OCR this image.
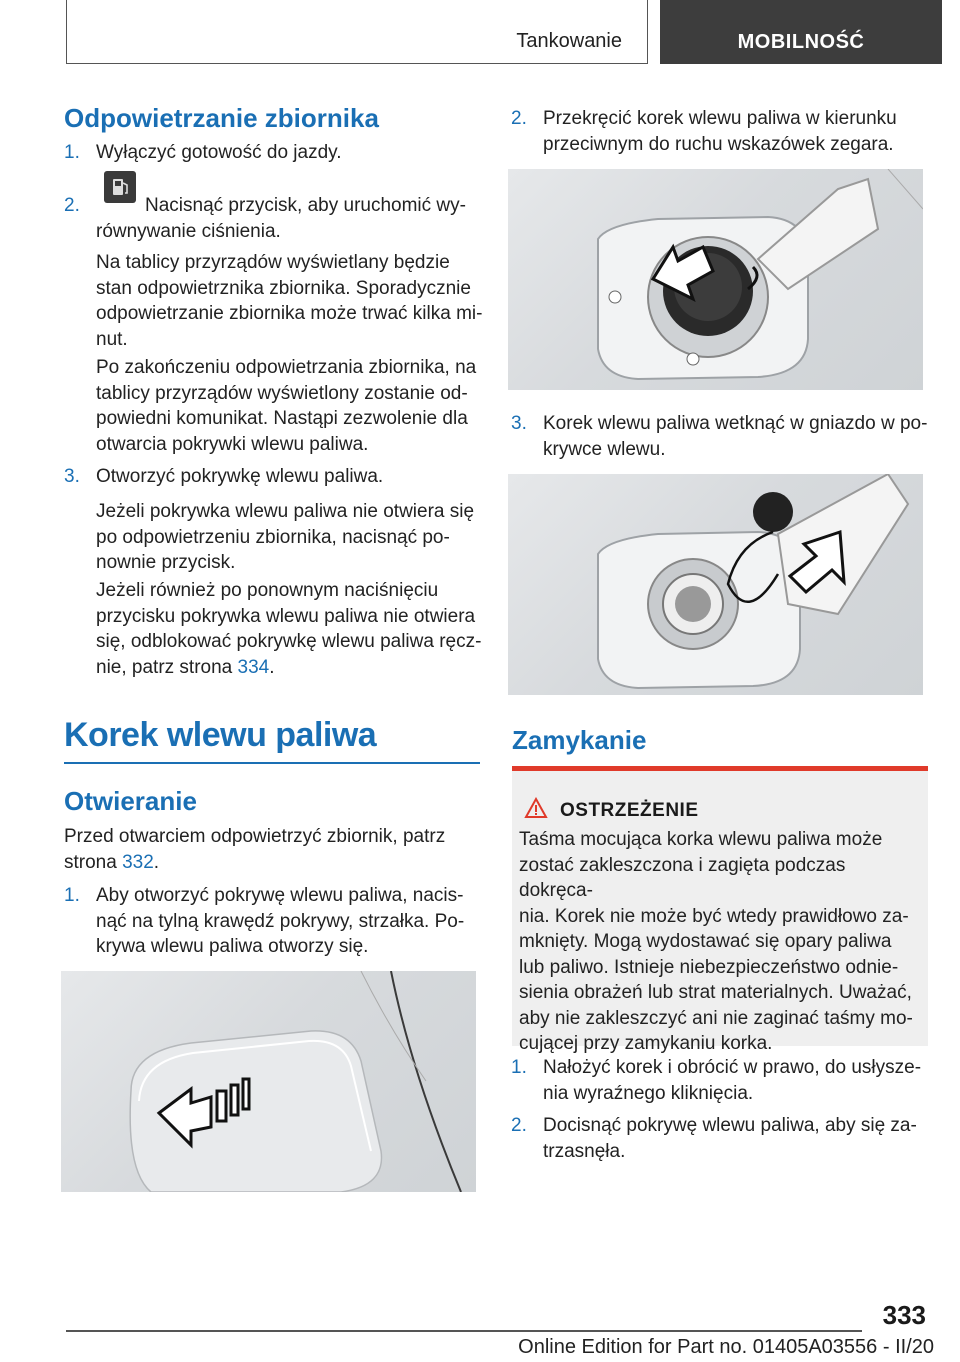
Tankowanie	MOBILNOŚĆ
Odpowietrzanie zbiornika
1. Wyłączyć gotowość do jazdy.
2.	Nacisnąć przycisk, aby uruchomić wy-
równywanie ciśnienia.
Na tablicy przyrządów wyświetlany będzie
stan odpowietrznika zbiornika. Sporadycznie
odpowietrzanie zbiornika może trwać kilka mi-
nut.
Po zakończeniu odpowietrzania zbiornika, na
tablicy przyrządów wyświetlony zostanie od-
powiedni komunikat. Nastąpi zezwolenie dla
otwarcia pokrywki wlewu paliwa.
3. Otworzyć pokrywkę wlewu paliwa.
Jeżeli pokrywka wlewu paliwa nie otwiera się
po odpowietrzeniu zbiornika, nacisnąć po-
nownie przycisk.
Jeżeli również po ponownym naciśnięciu
przycisku pokrywka wlewu paliwa nie otwiera
się, odblokować pokrywkę wlewu paliwa ręcz-
nie, patrz strona 334.
Korek wlewu paliwa
Otwieranie
Przed otwarciem odpowietrzyć zbiornik, patrz
strona 332.
1. Aby otworzyć pokrywę wlewu paliwa, nacis-
nąć na tylną krawędź pokrywy, strzałka. Po-
krywa wlewu paliwa otworzy się.
2. Przekręcić korek wlewu paliwa w kierunku
przeciwnym do ruchu wskazówek zegara.
3. Korek wlewu paliwa wetknąć w gniazdo w po-
krywce wlewu.
Zamykanie
OSTRZEŻENIE
Taśma mocująca korka wlewu paliwa może
zostać zakleszczona i zagięta podczas dokręca-
nia. Korek nie może być wtedy prawidłowo za-
mknięty. Mogą wydostawać się opary paliwa
lub paliwo. Istnieje niebezpieczeństwo odnie-
sienia obrażeń lub strat materialnych. Uważać,
aby nie zakleszczyć ani nie zaginać taśmy mo-
cującej przy zamykaniu korka.
1. Nałożyć korek i obrócić w prawo, do usłysze-
nia wyraźnego kliknięcia.
2. Docisnąć pokrywę wlewu paliwa, aby się za-
trzasnęła.
333
Online Edition for Part no. 01405A03556 - II/20
